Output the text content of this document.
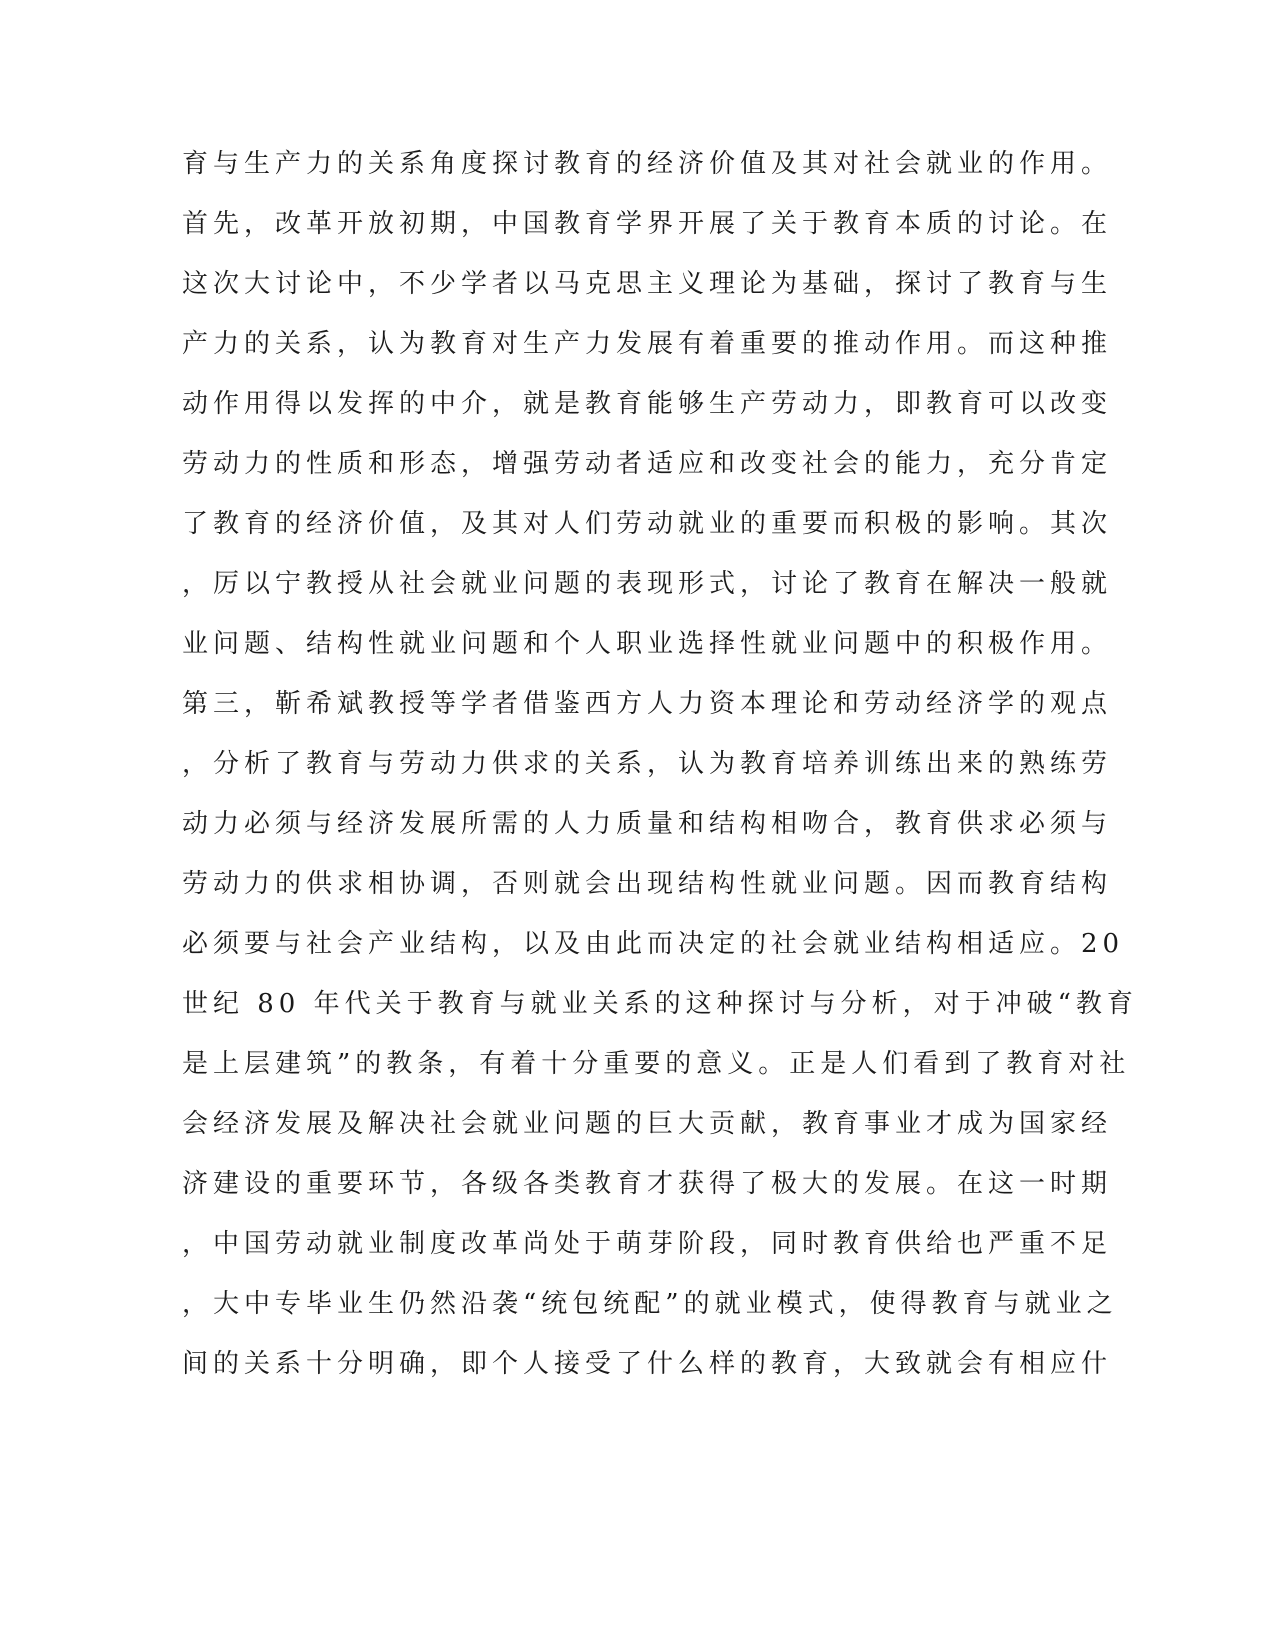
育与生产力的关系角度探讨教育的经济价值及其对社会就业的作用。
首先，改革开放初期，中国教育学界开展了关于教育本质的讨论。在
这次大讨论中，不少学者以马克思主义理论为基础，探讨了教育与生
产力的关系，认为教育对生产力发展有着重要的推动作用。而这种推
动作用得以发挥的中介，就是教育能够生产劳动力，即教育可以改变
劳动力的性质和形态，增强劳动者适应和改变社会的能力，充分肯定
了教育的经济价值，及其对人们劳动就业的重要而积极的影响。其次
，厉以宁教授从社会就业问题的表现形式，讨论了教育在解决一般就
业问题、结构性就业问题和个人职业选择性就业问题中的积极作用。
第三，靳希斌教授等学者借鉴西方人力资本理论和劳动经济学的观点
，分析了教育与劳动力供求的关系，认为教育培养训练出来的熟练劳
动力必须与经济发展所需的人力质量和结构相吻合，教育供求必须与
劳动力的供求相协调，否则就会出现结构性就业问题。因而教育结构
必须要与社会产业结构，以及由此而决定的社会就业结构相适应。20
世纪 80 年代关于教育与就业关系的这种探讨与分析，对于冲破“教育
是上层建筑”的教条，有着十分重要的意义。正是人们看到了教育对社
会经济发展及解决社会就业问题的巨大贡献，教育事业才成为国家经
济建设的重要环节，各级各类教育才获得了极大的发展。在这一时期
，中国劳动就业制度改革尚处于萌芽阶段，同时教育供给也严重不足
，大中专毕业生仍然沿袭“统包统配”的就业模式，使得教育与就业之
间的关系十分明确，即个人接受了什么样的教育，大致就会有相应什
